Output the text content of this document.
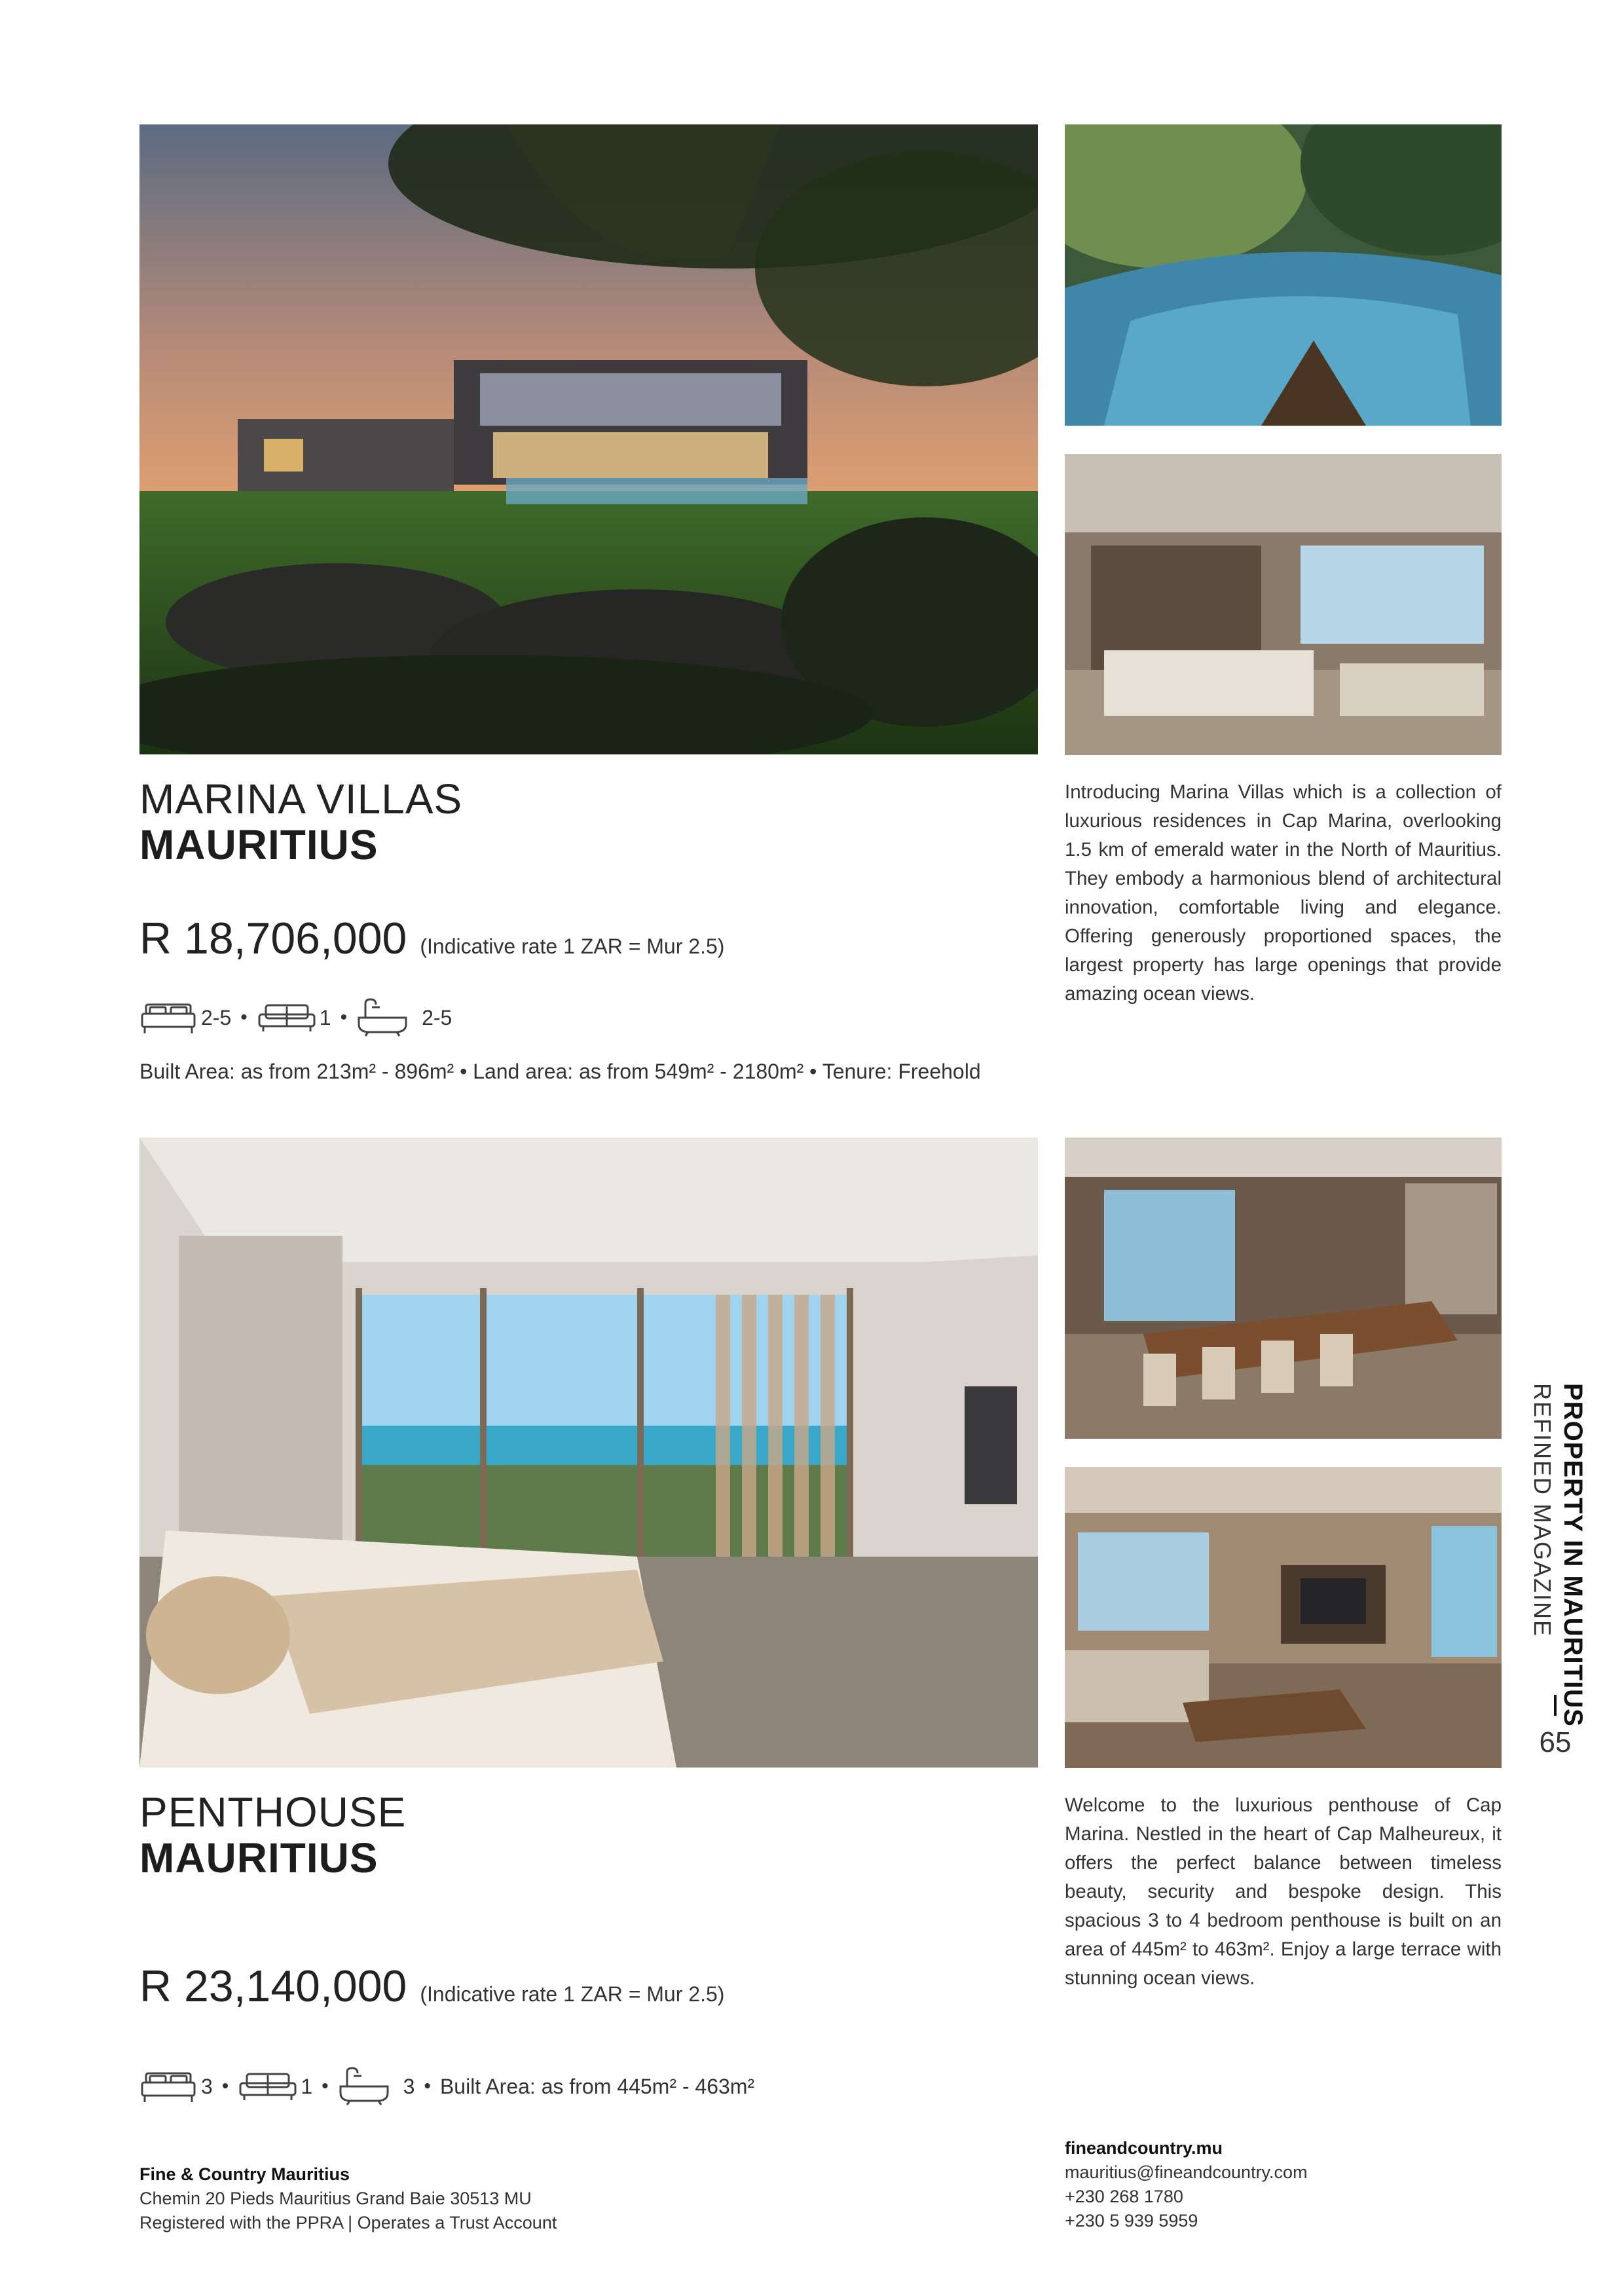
MARINA VILLAS
MAURITIUS
R 18,706,000 (Indicative rate 1 ZAR = Mur 2.5)
2-5 •	1 •	2-5
Built Area: as from 213m² - 896m² • Land area: as from 549m² - 2180m² • Tenure: Freehold
Introducing Marina Villas which is a collection of luxurious residences in Cap Marina, overlooking 1.5 km of emerald water in the North of Mauritius. They embody a harmonious blend of architectural innovation, comfortable living and elegance. Offering generously proportioned spaces, the largest property has large openings that provide amazing ocean views.
PENTHOUSE
MAURITIUS
R 23,140,000 (Indicative rate 1 ZAR = Mur 2.5)
3 •	1 •	3 • Built Area: as from 445m² - 463m²
Welcome to the luxurious penthouse of Cap Marina. Nestled in the heart of Cap Malheureux, it offers the perfect balance between timeless beauty, security and bespoke design. This spacious 3 to 4 bedroom penthouse is built on an area of 445m² to 463m². Enjoy a large terrace with stunning ocean views.
PROPERTY IN MAURITIUS
REFINED MAGAZINE
65
Fine & Country Mauritius
Chemin 20 Pieds Mauritius Grand Baie 30513 MU
Registered with the PPRA | Operates a Trust Account
fineandcountry.mu
mauritius@fineandcountry.com
+230 268 1780
+230 5 939 5959
